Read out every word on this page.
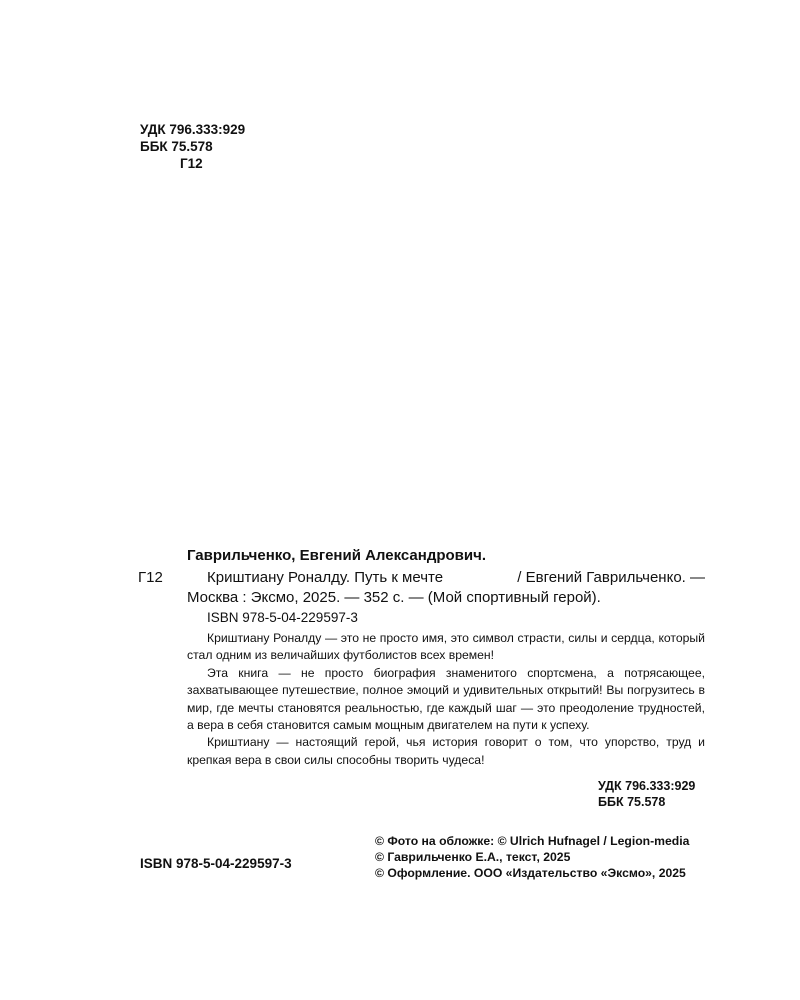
УДК 796.333:929
ББК 75.578
Г12
Гаврильченко, Евгений Александрович.
Г12	Криштиану Роналду. Путь к мечте	/ Евгений Гаврильченко. —
Москва : Эксмо, 2025. — 352 с. — (Мой спортивный герой).
ISBN 978-5-04-229597-3

Криштиану Роналду — это не просто имя, это символ страсти, силы и сердца, который стал одним из величайших футболистов всех времен!

Эта книга — не просто биография знаменитого спортсмена, а потрясающее, захватывающее путешествие, полное эмоций и удивительных открытий! Вы погрузитесь в мир, где мечты становятся реальностью, где каждый шаг — это преодоление трудностей, а вера в себя становится самым мощным двигателем на пути к успеху.

Криштиану — настоящий герой, чья история говорит о том, что упорство, труд и крепкая вера в свои силы способны творить чудеса!

УДК 796.333:929
ББК 75.578
ISBN 978-5-04-229597-3
© Фото на обложке: © Ulrich Hufnagel / Legion-media
© Гаврильченко Е.А., текст, 2025
© Оформление. ООО «Издательство «Эксмо», 2025
